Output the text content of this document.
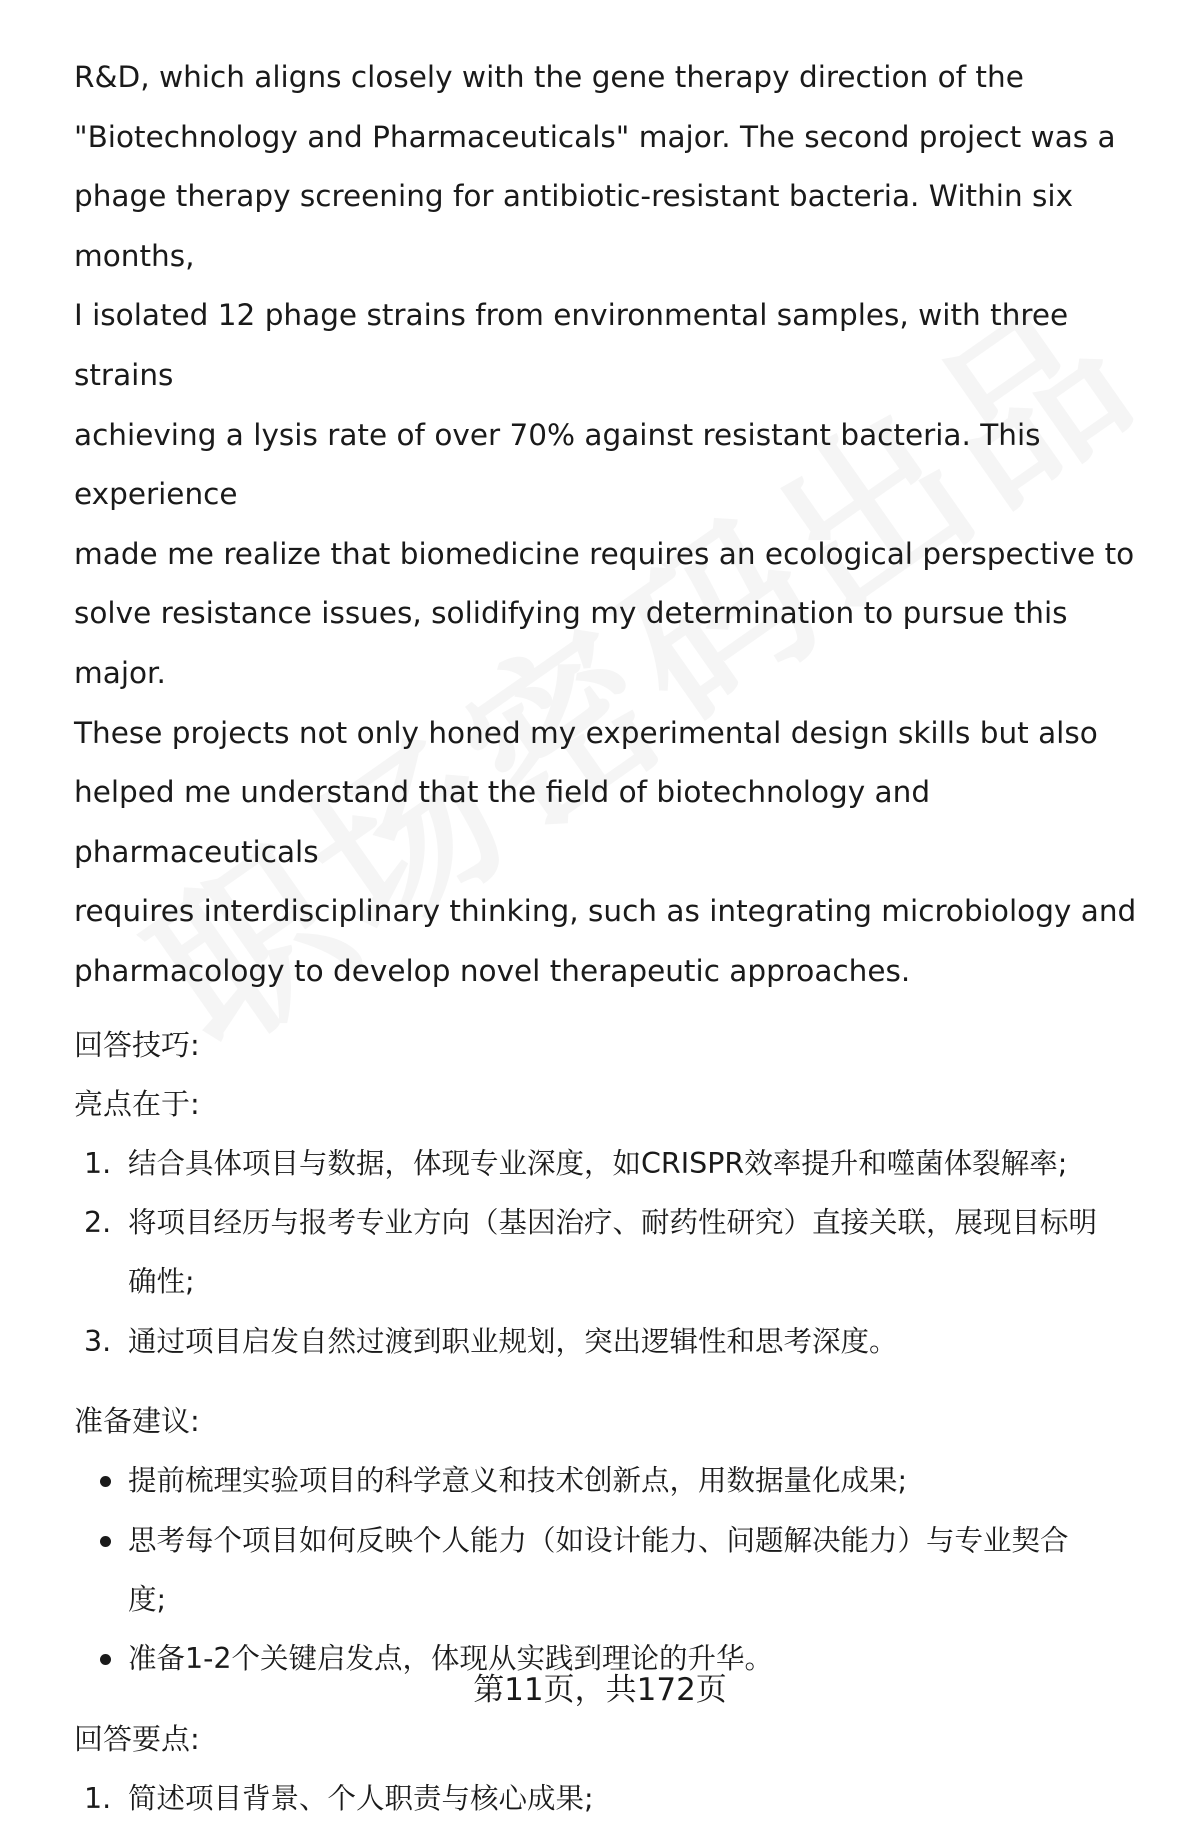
R&D, which aligns closely with the gene therapy direction of the

"Biotechnology and Pharmaceuticals" major. The second project was a

phage therapy screening for antibiotic-resistant bacteria. Within six months,

I isolated 12 phage strains from environmental samples, with three strains

achieving a lysis rate of over 70% against resistant bacteria. This experience

made me realize that biomedicine requires an ecological perspective to

solve resistance issues, solidifying my determination to pursue this major.

These projects not only honed my experimental design skills but also

helped me understand that the field of biotechnology and pharmaceuticals

requires interdisciplinary thinking, such as integrating microbiology and

pharmacology to develop novel therapeutic approaches.

回答技巧:

亮点在于:

1. 结合具体项目与数据，体现专业深度，如CRISPR效率提升和噬菌体裂解率;
2. 将项目经历与报考专业方向（基因治疗、耐药性研究）直接关联，展现目标明
确性;
3. 通过项目启发自然过渡到职业规划，突出逻辑性和思考深度。

准备建议:

提前梳理实验项目的科学意义和技术创新点，用数据量化成果;
思考每个项目如何反映个人能力（如设计能力、问题解决能力）与专业契合
度;
准备1-2个关键启发点，体现从实践到理论的升华。

回答要点:

1. 简述项目背景、个人职责与核心成果;
第11页，共172页
